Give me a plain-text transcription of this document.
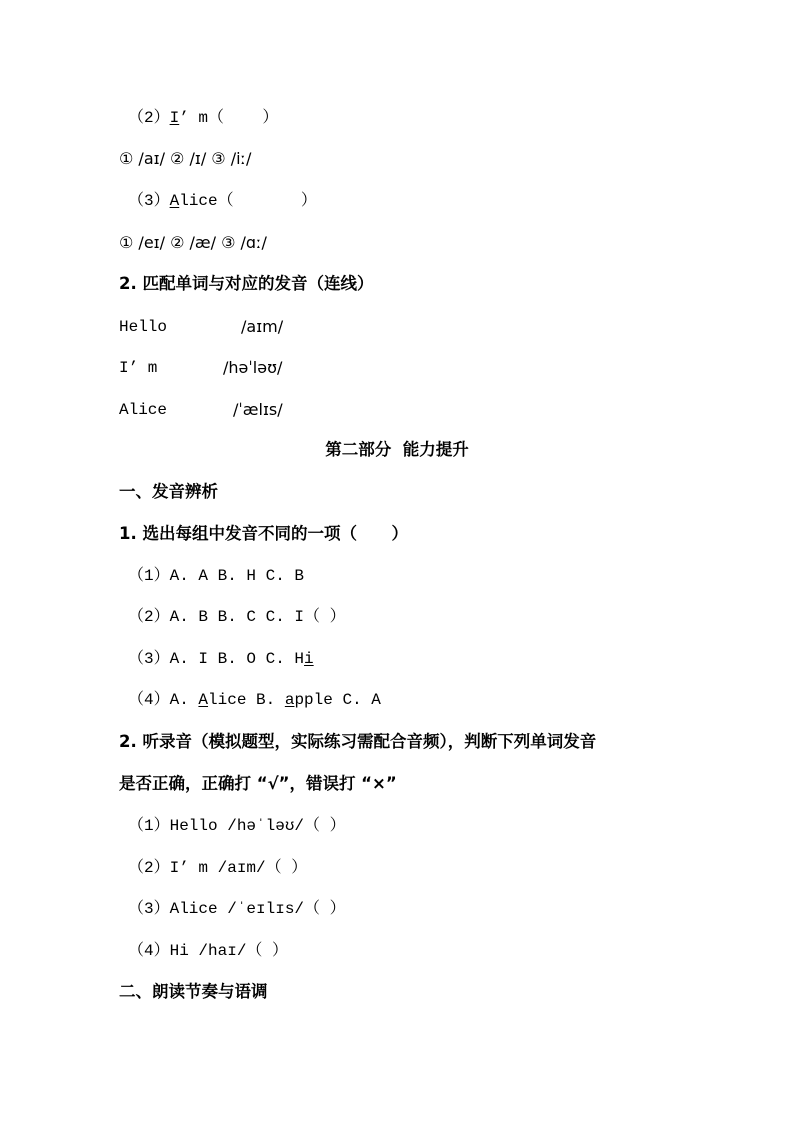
（2）I’ m（    ）
① /aɪ/ ② /ɪ/ ③ /iː/
（3）Alice（       ）
① /eɪ/ ② /æ/ ③ /ɑː/
2. 匹配单词与对应的发音（连线）
Hello	/aɪm/
I’ m	/həˈləʊ/
Alice	/ˈælɪs/
第二部分  能力提升
一、发音辨析
1. 选出每组中发音不同的一项（      ）
（1）A. A B. H C. B
（2）A. B B. C C. I（ ）
（3）A. I B. O C. Hi
（4）A. Alice B. apple C. A
2. 听录音（模拟题型，实际练习需配合音频），判断下列单词发音
是否正确，正确打 “√”，错误打 “×”
（1）Hello /həˈləʊ/（ ）
（2）I’ m /aɪm/（ ）
（3）Alice /ˈeɪlɪs/（ ）
（4）Hi /haɪ/（ ）
二、朗读节奏与语调
